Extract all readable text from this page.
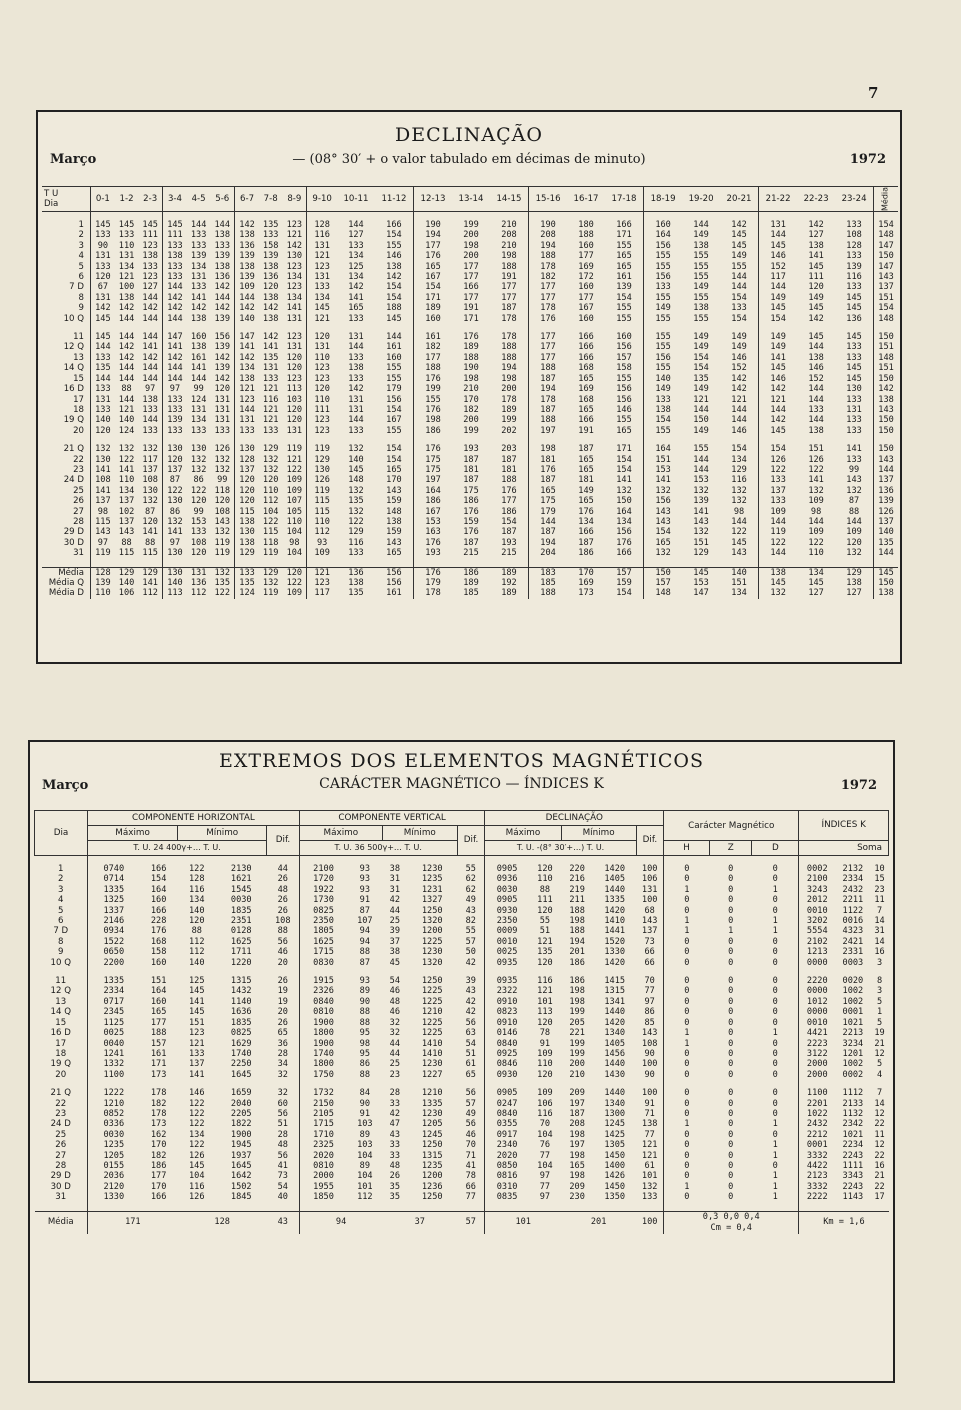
7
DECLINAÇÃO
— (08° 30′ + o valor tabulado em décimas de minuto)
Março	1972
T U
Dia	0-1	1-2	2-3	3-4	4-5	5-6	6-7	7-8	8-9	9-10	10-11	11-12	12-13	13-14	14-15	15-16	16-17	17-18	18-19	19-20	20-21	21-22	22-23	23-24	Média

1	145	145	145	145	144	144	142	135	123	128	144	166	190	199	210	190	180	166	160	144	142	131	142	133	154
2	133	133	111	111	133	138	138	133	121	116	127	154	194	200	208	208	188	171	164	149	145	144	127	108	148
3	90	110	123	133	133	133	136	158	142	131	133	155	177	198	210	194	160	155	156	138	145	145	138	128	147
4	131	131	138	138	139	139	139	139	130	121	134	146	176	200	198	188	177	165	155	155	149	146	141	133	150
5	133	134	133	133	134	138	138	138	123	123	125	138	165	177	188	178	169	165	155	155	155	152	145	139	147
6	120	121	123	133	131	136	139	136	134	131	134	142	167	177	191	182	172	161	156	155	144	117	111	116	143
7 D	67	100	127	144	133	142	109	120	123	133	142	154	154	166	177	177	160	139	133	149	144	144	120	133	137
8	131	138	144	142	141	144	144	138	134	134	141	154	171	177	177	177	177	154	155	155	154	149	149	145	151
9	142	142	142	142	142	142	142	142	141	145	165	188	189	191	187	178	167	155	149	138	133	145	145	145	154
10 Q	145	144	144	144	138	139	140	138	131	121	133	145	160	171	178	176	160	155	155	155	154	154	142	136	148

11	145	144	144	147	160	156	147	142	123	120	131	144	161	176	178	177	166	160	155	149	149	149	145	145	150
12 Q	144	142	141	141	138	139	141	141	131	131	144	161	182	189	188	177	166	156	155	149	149	149	144	133	151
13	133	142	142	142	161	142	142	135	120	110	133	160	177	188	188	177	166	157	156	154	146	141	138	133	148
14 Q	135	144	144	144	141	139	134	131	120	123	138	155	188	190	194	188	168	158	155	154	152	145	146	145	151
15	144	144	144	144	144	142	138	133	123	123	133	155	176	198	198	187	165	155	140	135	142	146	152	145	150
16 D	133	88	97	97	99	120	121	121	113	120	142	179	199	210	200	194	169	156	149	149	142	142	144	130	142
17	131	144	138	133	124	131	123	116	103	110	131	156	155	170	178	178	168	156	133	121	121	121	144	133	138
18	133	121	133	133	131	131	144	121	120	111	131	154	176	182	189	187	165	146	138	144	144	144	133	131	143
19 Q	140	140	144	139	134	131	131	121	120	123	144	167	198	200	199	188	166	155	154	150	144	142	144	133	150
20	120	124	133	133	133	133	133	133	131	123	133	155	186	199	202	197	191	165	155	149	146	145	138	133	150

21 Q	132	132	132	130	130	126	130	129	119	119	132	154	176	193	203	198	187	171	164	155	154	154	151	141	150
22	130	122	117	120	132	132	128	132	121	129	140	154	175	187	187	181	165	154	151	144	134	126	126	133	143
23	141	141	137	137	132	132	137	132	122	130	145	165	175	181	181	176	165	154	153	144	129	122	122	99	144
24 D	108	110	108	87	86	99	120	120	109	126	148	170	197	187	188	187	181	141	141	153	116	133	141	143	137
25	141	134	130	122	122	118	120	110	109	119	132	143	164	175	176	165	149	132	132	132	132	137	132	132	136
26	137	137	132	130	120	120	120	112	107	115	135	159	186	186	177	175	165	150	156	139	132	133	109	87	139
27	98	102	87	86	99	108	115	104	105	115	132	148	167	176	186	179	176	164	143	141	98	109	98	88	126
28	115	137	120	132	153	143	138	122	110	110	122	138	153	159	154	144	134	134	143	143	144	144	144	144	137
29 D	143	143	141	141	133	132	130	115	104	112	129	159	163	176	187	187	166	156	154	132	122	119	109	109	140
30 D	97	88	88	97	108	119	138	118	98	93	116	143	176	187	193	194	187	176	165	151	145	122	122	120	135
31	119	115	115	130	120	119	129	119	104	109	133	165	193	215	215	204	186	166	132	129	143	144	110	132	144

Média	128	129	129	130	131	132	133	129	120	121	136	156	176	186	189	183	170	157	150	145	140	138	134	129	145
Média Q	139	140	141	140	136	135	135	132	122	123	138	156	179	189	192	185	169	159	157	153	151	145	145	138	150
Média D	110	106	112	113	112	122	124	119	109	117	135	161	178	185	189	188	173	154	148	147	134	132	127	127	138
EXTREMOS DOS ELEMENTOS MAGNÉTICOS
CARÁCTER MAGNÉTICO — ÍNDICES K
Março	1972
Dia	COMPONENTE HORIZONTAL					COMPONENTE VERTICAL					DECLINAÇÃO					Carácter Magnético			ÍNDICES K		
	Máximo		Mínimo		Dif.	Máximo		Mínimo		Dif.	Máximo		Mínimo		Dif.						
	T. U. 24 400γ+… T. U.					T. U. 36 500γ+… T. U.					T. U. -(8° 30′+…) T. U.					H	Z	D	Soma		

1	0740	166	122	2130	44	2100	93	38	1230	55	0905	120	220	1420	100	0	0	0	0002	2132	10
2	0714	154	128	1621	26	1720	93	31	1235	62	0936	110	216	1405	106	0	0	0	2100	2334	15
3	1335	164	116	1545	48	1922	93	31	1231	62	0030	88	219	1440	131	1	0	1	3243	2432	23
4	1325	160	134	0030	26	1730	91	42	1327	49	0905	111	211	1335	100	0	0	0	2012	2211	11
5	1337	166	140	1835	26	0825	87	44	1250	43	0930	120	188	1420	68	0	0	0	0010	1122	7
6	2146	228	120	2351	108	2350	107	25	1320	82	2350	55	198	1410	143	1	0	1	3202	0016	14
7 D	0934	176	88	0128	88	1805	94	39	1200	55	0009	51	188	1441	137	1	1	1	5554	4323	31
8	1522	168	112	1625	56	1625	94	37	1225	57	0010	121	194	1520	73	0	0	0	2102	2421	14
9	0650	158	112	1711	46	1715	88	38	1230	50	0025	135	201	1330	66	0	0	0	1213	2331	16
10 Q	2200	160	140	1220	20	0830	87	45	1320	42	0935	120	186	1420	66	0	0	0	0000	0003	3

11	1335	151	125	1315	26	1915	93	54	1250	39	0935	116	186	1415	70	0	0	0	2220	0020	8
12 Q	2334	164	145	1432	19	2326	89	46	1225	43	2322	121	198	1315	77	0	0	0	0000	1002	3
13	0717	160	141	1140	19	0840	90	48	1225	42	0910	101	198	1341	97	0	0	0	1012	1002	5
14 Q	2345	165	145	1636	20	0810	88	46	1210	42	0823	113	199	1440	86	0	0	0	0000	0001	1
15	1125	177	151	1835	26	1900	88	32	1225	56	0910	120	205	1420	85	0	0	0	0010	1021	5
16 D	0025	188	123	0825	65	1800	95	32	1225	63	0146	78	221	1340	143	1	0	1	4421	2213	19
17	0040	157	121	1629	36	1900	98	44	1410	54	0840	91	199	1405	108	1	0	0	2223	3234	21
18	1241	161	133	1740	28	1740	95	44	1410	51	0925	109	199	1456	90	0	0	0	3122	1201	12
19 Q	1332	171	137	2250	34	1800	86	25	1230	61	0846	110	200	1440	100	0	0	0	2000	1002	5
20	1100	173	141	1645	32	1750	88	23	1227	65	0930	120	210	1430	90	0	0	0	2000	0002	4

21 Q	1222	178	146	1659	32	1732	84	28	1210	56	0905	109	209	1440	100	0	0	0	1100	1112	7
22	1210	182	122	2040	60	2150	90	33	1335	57	0247	106	197	1340	91	0	0	0	2201	2133	14
23	0852	178	122	2205	56	2105	91	42	1230	49	0840	116	187	1300	71	0	0	0	1022	1132	12
24 D	0336	173	122	1822	51	1715	103	47	1205	56	0355	70	208	1245	138	1	0	1	2432	2342	22
25	0030	162	134	1900	28	1710	89	43	1245	46	0917	104	198	1425	77	0	0	0	2212	1021	11
26	1235	170	122	1945	48	2325	103	33	1250	70	2340	76	197	1305	121	0	0	1	0001	2234	12
27	1205	182	126	1937	56	2020	104	33	1315	71	2020	77	198	1450	121	0	0	1	3332	2243	22
28	0155	186	145	1645	41	0810	89	48	1235	41	0850	104	165	1400	61	0	0	0	4422	1111	16
29 D	2036	177	104	1642	73	2000	104	26	1200	78	0816	97	198	1426	101	0	0	1	2123	3343	21
30 D	2120	170	116	1502	54	1955	101	35	1236	66	0310	77	209	1450	132	1	0	1	3332	2243	22
31	1330	166	126	1845	40	1850	112	35	1250	77	0835	97	230	1350	133	0	0	1	2222	1143	17

Média	171		128		43	94		37		57	101		201		100	0,3 0,0 0,4
Cm = 0,4			Km = 1,6		
